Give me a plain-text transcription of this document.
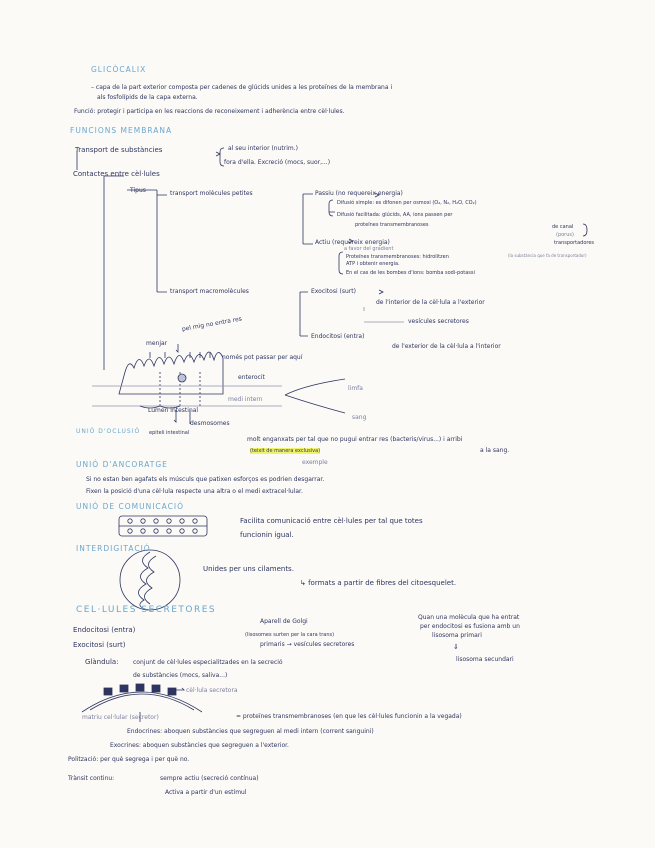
GLICÒCALIX
– capa de la part exterior composta per cadenes de glúcids unides a les proteïnes de la membrana i
als fosfolípids de la capa externa.
Funció: protegir i participa en les reaccions de reconeixement i adherència entre cèl·lules.
FUNCIONS MEMBRANA
Transport de substàncies	al seu interior (nutrim.)
fora d'ella. Excreció (mocs, suor,...)
Contactes entre cèl·lules
Tipus	transport molècules petites	Passiu (no requereix energia)
Difusió simple: es difonen per osmosi (O₂, N₂, H₂O, CO₂)
Difusió facilitada: glúcids, AA, ions passen per
proteïnes transmembranoses	de canal
(porus)
transportadores
Actiu (requereix energia)
a favor del gradient
Proteïnes transmembranoses: hidrolitzen
ATP i obtenir energia.
(la substància que fa de transportador)
En el cas de les bombes d'ions: bomba sodi-potassi
transport macromolècules	Exocitosi (surt)
de l'interior de la cèl·lula a l'exterior
vesícules secretores
Endocitosi (entra)
de l'exterior de la cèl·lula a l'interior
pel mig no entra res
menjar
només pot passar per aquí
enterocit
medi intern
limfa
sang
Lumen intestinal
desmosomes
UNIÓ D'OCLUSIÓ epiteli intestinal
molt enganxats per tal que no pugui entrar res (bacteris/virus...) i arribi
a la sang.
(teixit de manera exclusiva)
UNIÓ D'ANCORATGE	exemple
Si no estan ben agafats els músculs que patixen esforços es podrien desgarrar.
Fixen la posició d'una cèl·lula respecte una altra o el medi extracel·lular.
UNIÓ DE COMUNICACIÓ
Facilita comunicació entre cèl·lules per tal que totes
funcionin igual.
INTERDIGITACIÓ
Unides per uns cilaments.
↳ formats a partir de fibres del citoesquelet.
CEL·LULES SECRETORES
Endocitosi (entra)
Exocitosi (surt)
Aparell de Golgi
(lisosomes surten per la cara trans)
primaris → vesícules secretores
Quan una molècula que ha entrat
per endocitosi es fusiona amb un
lisosoma primari
⇓
lisosoma secundari
Glàndula: conjunt de cèl·lules especialitzades en la secreció
de substàncies (mocs, saliva...)
cèl·lula secretora
matriu cel·lular (secretor)	= proteïnes transmembranoses (en que les cèl·lules funcionin a la vegada)
Endocrines: aboquen substàncies que segreguen al medi intern (corrent sanguini)
Exocrines: aboquen substàncies que segreguen a l'exterior.
Polització: per què segrega i per què no.
Trànsit continu:	sempre actiu (secreció contínua)
Activa a partir d'un estímul
